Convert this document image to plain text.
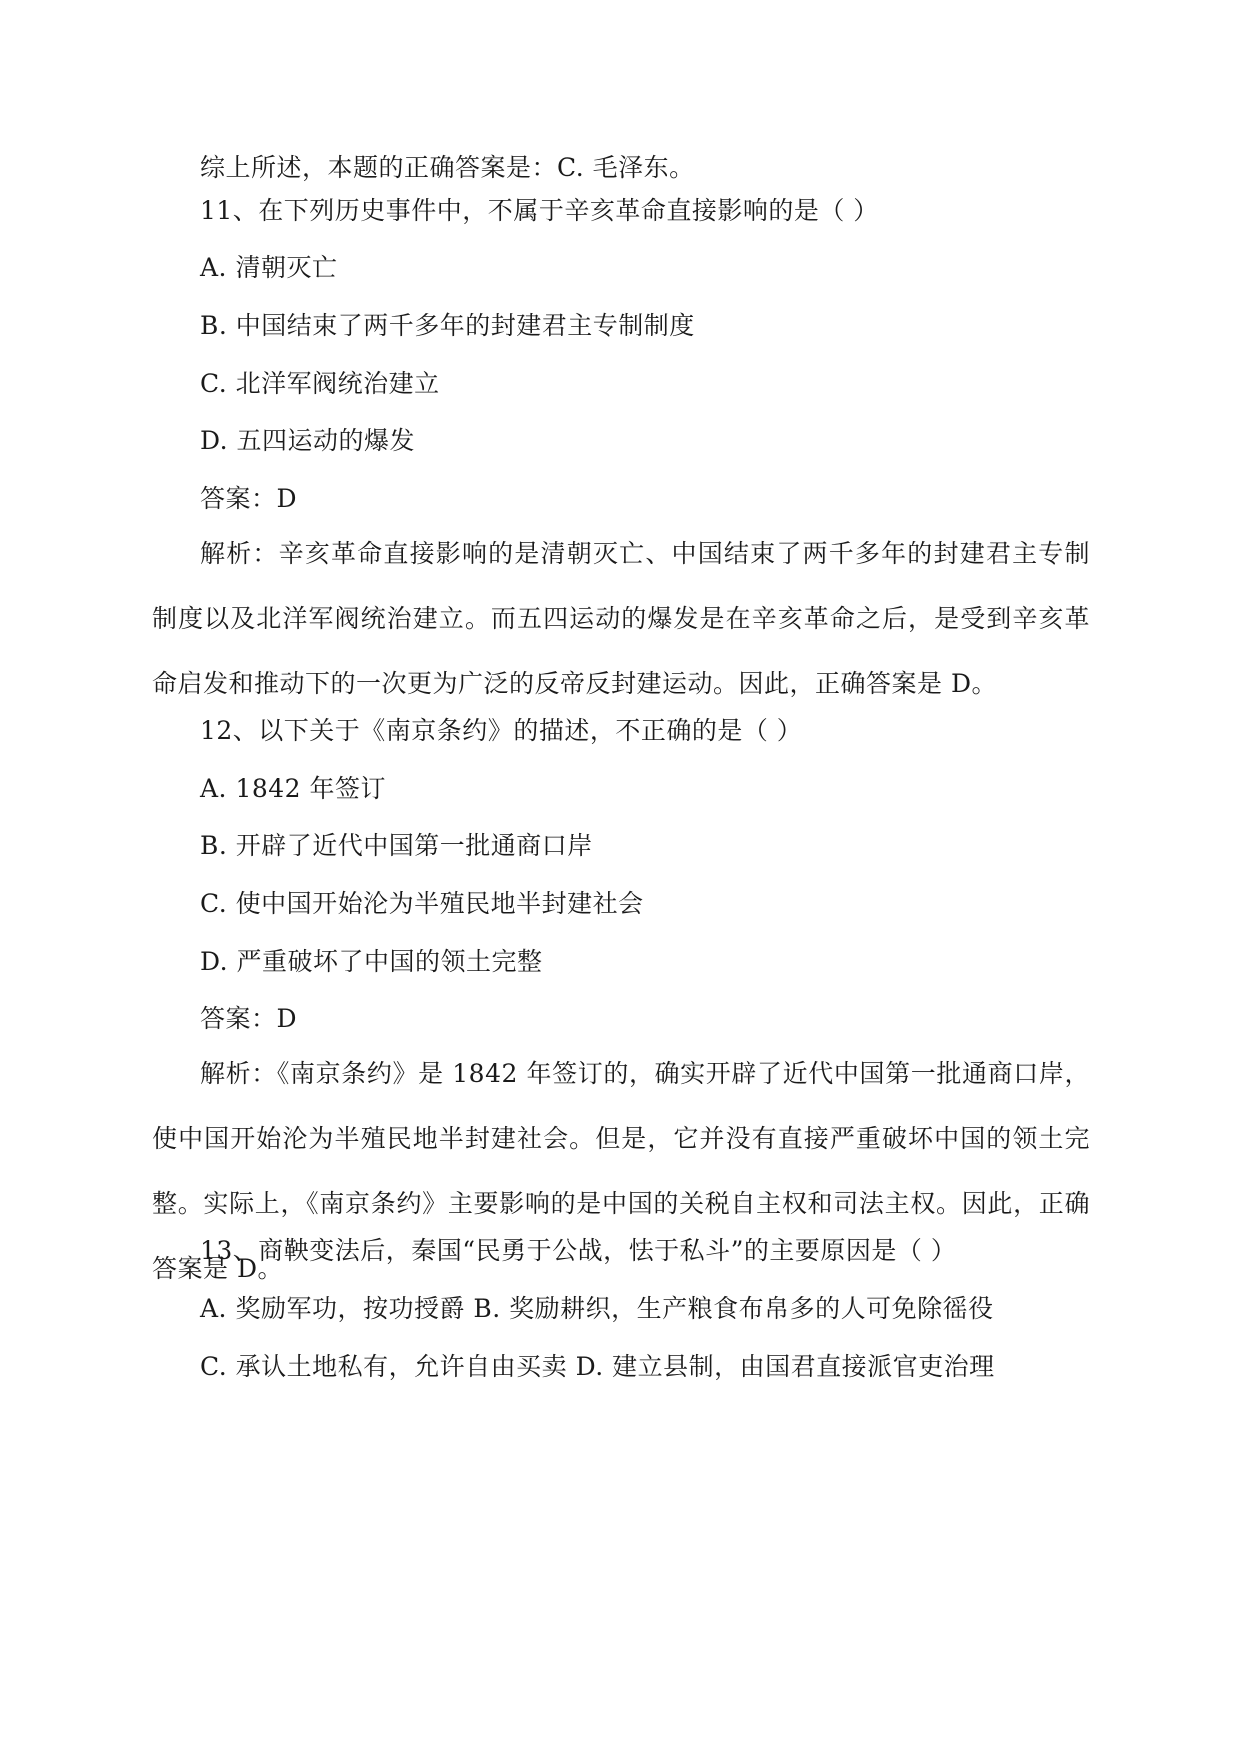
综上所述，本题的正确答案是：C. 毛泽东。
11、在下列历史事件中，不属于辛亥革命直接影响的是（ ）
A. 清朝灭亡
B. 中国结束了两千多年的封建君主专制制度
C. 北洋军阀统治建立
D. 五四运动的爆发
答案：D
解析：辛亥革命直接影响的是清朝灭亡、中国结束了两千多年的封建君主专制制度以及北洋军阀统治建立。而五四运动的爆发是在辛亥革命之后，是受到辛亥革命启发和推动下的一次更为广泛的反帝反封建运动。因此，正确答案是 D。
12、以下关于《南京条约》的描述，不正确的是（ ）
A. 1842 年签订
B. 开辟了近代中国第一批通商口岸
C. 使中国开始沦为半殖民地半封建社会
D. 严重破坏了中国的领土完整
答案：D
解析：《南京条约》是 1842 年签订的，确实开辟了近代中国第一批通商口岸，使中国开始沦为半殖民地半封建社会。但是，它并没有直接严重破坏中国的领土完整。实际上，《南京条约》主要影响的是中国的关税自主权和司法主权。因此，正确答案是 D。
13、商鞅变法后，秦国“民勇于公战，怯于私斗”的主要原因是（ ）
A. 奖励军功，按功授爵 B. 奖励耕织，生产粮食布帛多的人可免除徭役
C. 承认土地私有，允许自由买卖 D. 建立县制，由国君直接派官吏治理
